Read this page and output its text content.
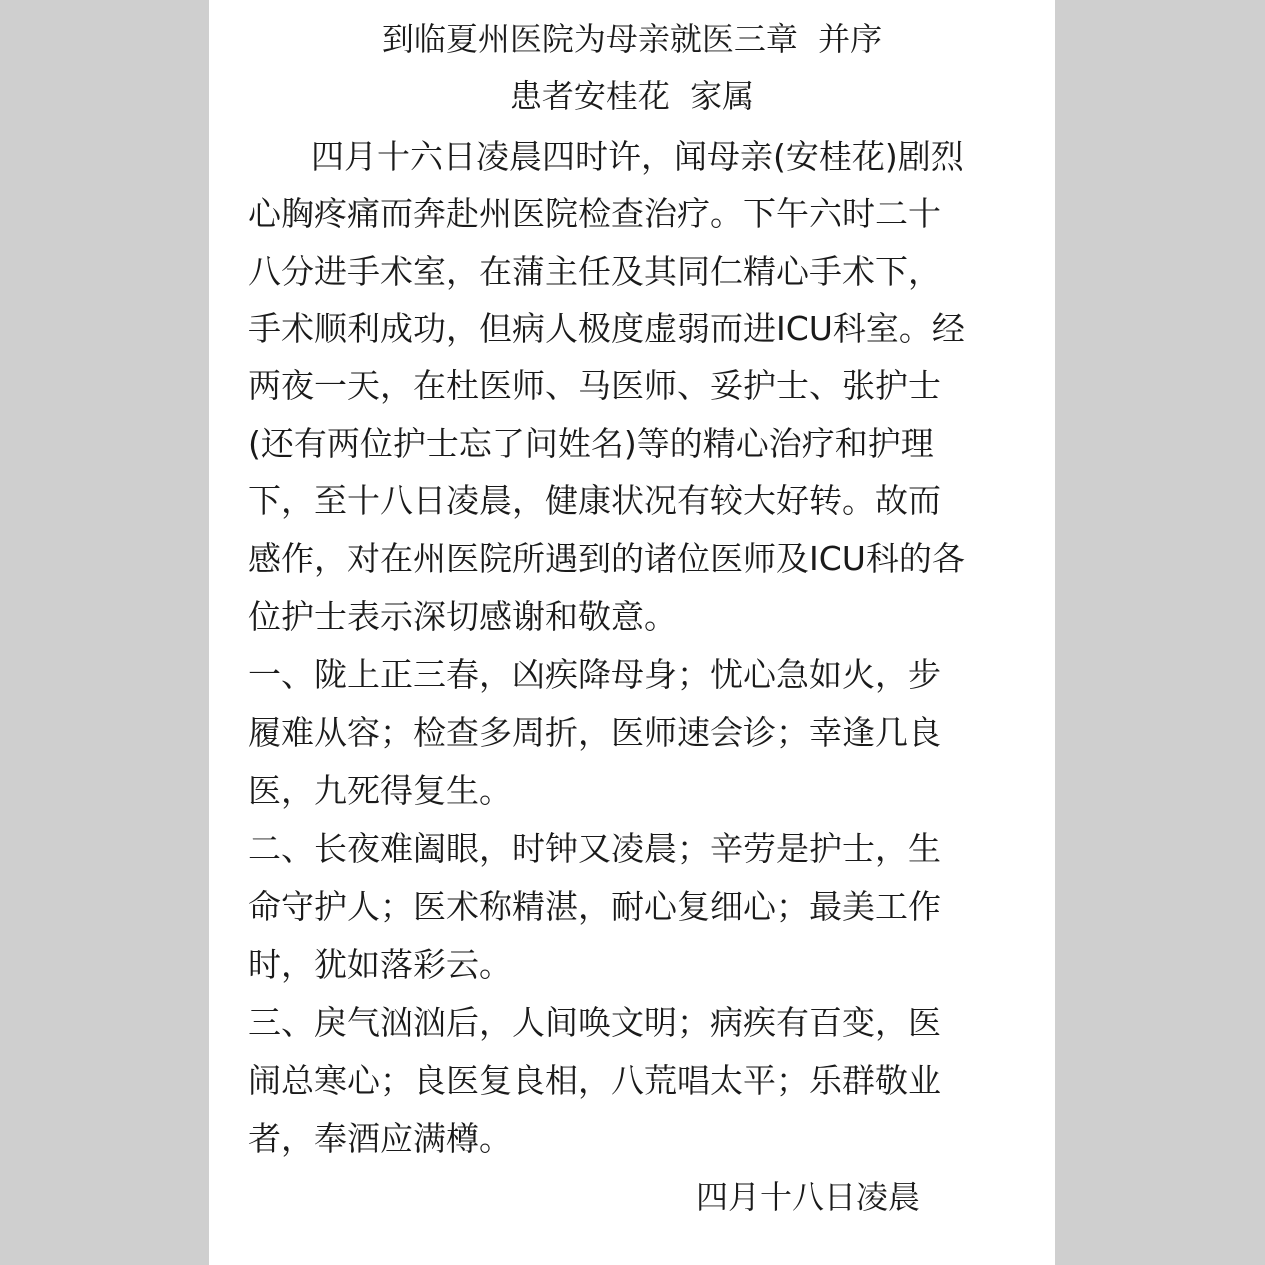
到临夏州医院为母亲就医三章  并序
患者安桂花  家属
四月十六日凌晨四时许，闻母亲(安桂花)剧烈
心胸疼痛而奔赴州医院检查治疗。下午六时二十
八分进手术室，在蒲主任及其同仁精心手术下，
手术顺利成功，但病人极度虚弱而进ICU科室。经
两夜一天，在杜医师、马医师、妥护士、张护士
(还有两位护士忘了问姓名)等的精心治疗和护理
下，至十八日凌晨，健康状况有较大好转。故而
感作，对在州医院所遇到的诸位医师及ICU科的各
位护士表示深切感谢和敬意。
一、陇上正三春，凶疾降母身；忧心急如火，步
履难从容；检查多周折，医师速会诊；幸逢几良
医，九死得复生。
二、长夜难阖眼，时钟又凌晨；辛劳是护士，生
命守护人；医术称精湛，耐心复细心；最美工作
时，犹如落彩云。
三、戾气汹汹后，人间唤文明；病疾有百变，医
闹总寒心；良医复良相，八荒唱太平；乐群敬业
者，奉酒应满樽。
四月十八日凌晨
